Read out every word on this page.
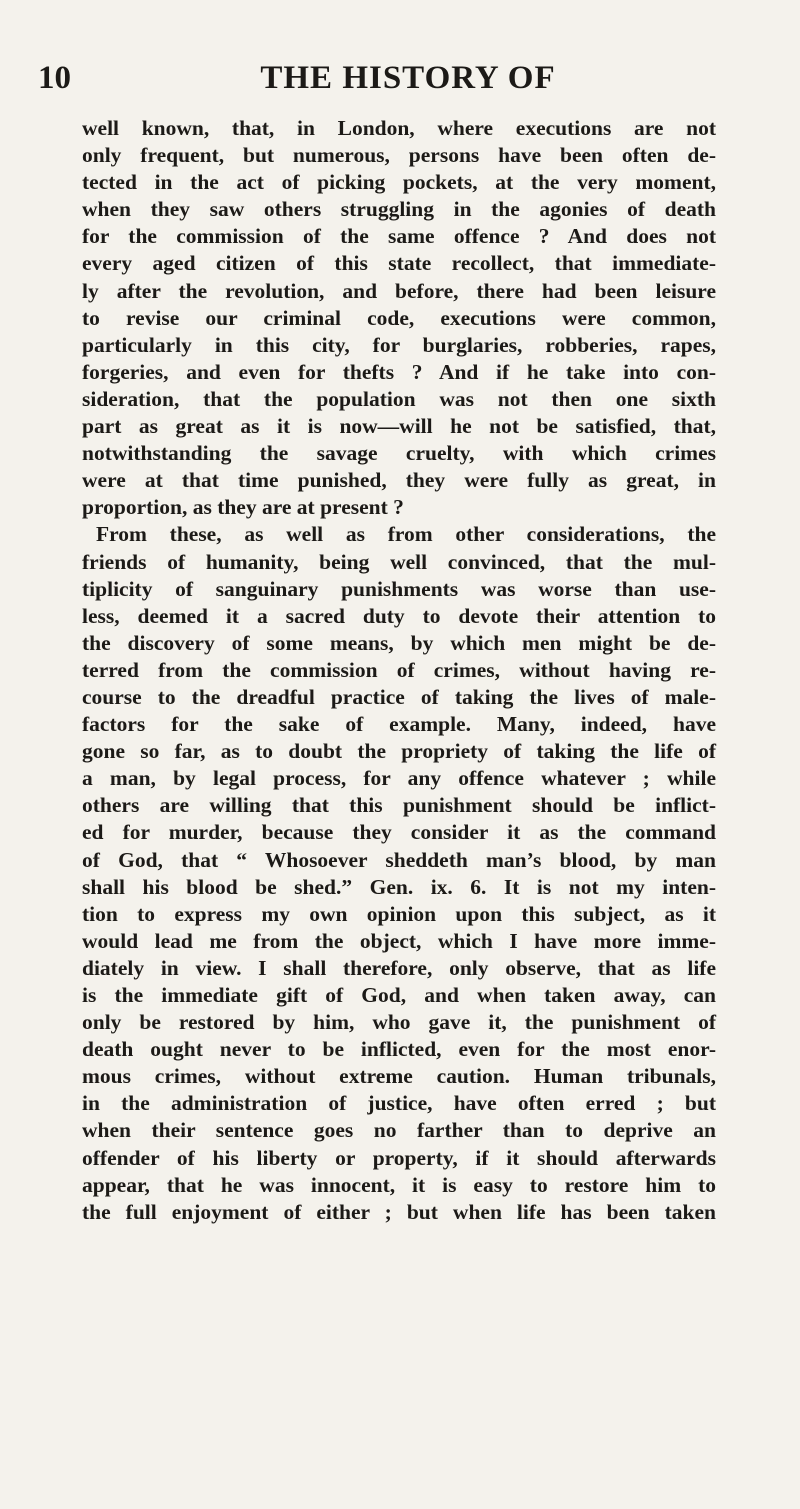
10	THE HISTORY OF
well known, that, in London, where executions are not
only frequent, but numerous, persons have been often de-
tected in the act of picking pockets, at the very moment,
when they saw others struggling in the agonies of death
for the commission of the same offence ? And does not
every aged citizen of this state recollect, that immediate-
ly after the revolution, and before, there had been leisure
to revise our criminal code, executions were common,
particularly in this city, for burglaries, robberies, rapes,
forgeries, and even for thefts ? And if he take into con-
sideration, that the population was not then one sixth
part as great as it is now—will he not be satisfied, that,
notwithstanding the savage cruelty, with which crimes
were at that time punished, they were fully as great, in
proportion, as they are at present ?
From these, as well as from other considerations, the
friends of humanity, being well convinced, that the mul-
tiplicity of sanguinary punishments was worse than use-
less, deemed it a sacred duty to devote their attention to
the discovery of some means, by which men might be de-
terred from the commission of crimes, without having re-
course to the dreadful practice of taking the lives of male-
factors for the sake of example. Many, indeed, have
gone so far, as to doubt the propriety of taking the life of
a man, by legal process, for any offence whatever ; while
others are willing that this punishment should be inflict-
ed for murder, because they consider it as the command
of God, that “ Whosoever sheddeth man’s blood, by man
shall his blood be shed.” Gen. ix. 6. It is not my inten-
tion to express my own opinion upon this subject, as it
would lead me from the object, which I have more imme-
diately in view. I shall therefore, only observe, that as life
is the immediate gift of God, and when taken away, can
only be restored by him, who gave it, the punishment of
death ought never to be inflicted, even for the most enor-
mous crimes, without extreme caution. Human tribunals,
in the administration of justice, have often erred ; but
when their sentence goes no farther than to deprive an
offender of his liberty or property, if it should afterwards
appear, that he was innocent, it is easy to restore him to
the full enjoyment of either ; but when life has been taken
